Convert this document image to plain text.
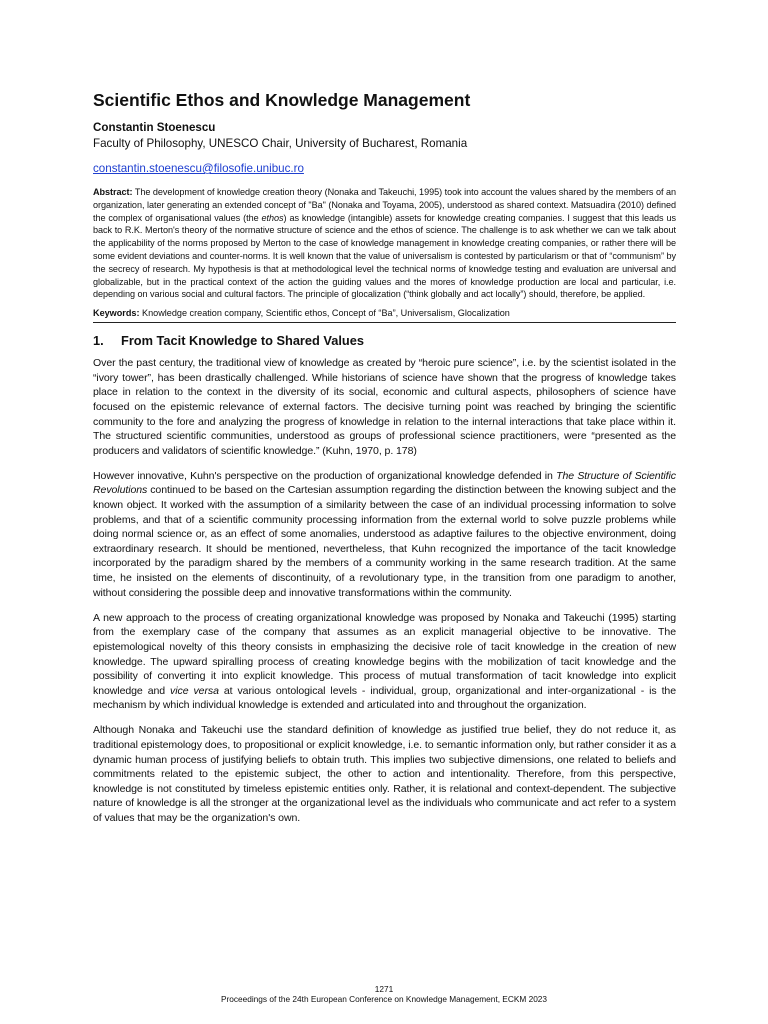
Scientific Ethos and Knowledge Management
Constantin Stoenescu
Faculty of Philosophy, UNESCO Chair, University of Bucharest, Romania
constantin.stoenescu@filosofie.unibuc.ro
Abstract: The development of knowledge creation theory (Nonaka and Takeuchi, 1995) took into account the values shared by the members of an organization, later generating an extended concept of "Ba" (Nonaka and Toyama, 2005), understood as shared context. Matsuadira (2010) defined the complex of organisational values (the ethos) as knowledge (intangible) assets for knowledge creating companies. I suggest that this leads us back to R.K. Merton's theory of the normative structure of science and the ethos of science. The challenge is to ask whether we can we talk about the applicability of the norms proposed by Merton to the case of knowledge management in knowledge creating companies, or rather there will be some evident deviations and counter-norms. It is well known that the value of universalism is contested by particularism or that of “communism” by the secrecy of research. My hypothesis is that at methodological level the technical norms of knowledge testing and evaluation are universal and globalizable, but in the practical context of the action the guiding values and the mores of knowledge production are local and particular, i.e. depending on various social and cultural factors. The principle of glocalization (“think globally and act locally”) should, therefore, be applied.
Keywords: Knowledge creation company, Scientific ethos, Concept of “Ba”, Universalism, Glocalization
1.	From Tacit Knowledge to Shared Values

Over the past century, the traditional view of knowledge as created by “heroic pure science”, i.e. by the scientist isolated in the “ivory tower”, has been drastically challenged. While historians of science have shown that the progress of knowledge takes place in relation to the context in the diversity of its social, economic and cultural aspects, philosophers of science have focused on the epistemic relevance of external factors. The decisive turning point was reached by bringing the scientific community to the fore and analyzing the progress of knowledge in relation to the internal interactions that take place within it. The structured scientific communities, understood as groups of professional science practitioners, were “presented as the producers and validators of scientific knowledge.” (Kuhn, 1970, p. 178)

However innovative, Kuhn's perspective on the production of organizational knowledge defended in The Structure of Scientific Revolutions continued to be based on the Cartesian assumption regarding the distinction between the knowing subject and the known object. It worked with the assumption of a similarity between the case of an individual processing information to solve problems, and that of a scientific community processing information from the external world to solve puzzle problems while doing normal science or, as an effect of some anomalies, understood as adaptive failures to the objective environment, doing extraordinary research. It should be mentioned, nevertheless, that Kuhn recognized the importance of the tacit knowledge incorporated by the paradigm shared by the members of a community working in the same research tradition. At the same time, he insisted on the elements of discontinuity, of a revolutionary type, in the transition from one paradigm to another, without considering the possible deep and innovative transformations within the community.

A new approach to the process of creating organizational knowledge was proposed by Nonaka and Takeuchi (1995) starting from the exemplary case of the company that assumes as an explicit managerial objective to be innovative. The epistemological novelty of this theory consists in emphasizing the decisive role of tacit knowledge in the creation of new knowledge. The upward spiralling process of creating knowledge begins with the mobilization of tacit knowledge and the possibility of converting it into explicit knowledge. This process of mutual transformation of tacit knowledge into explicit knowledge and vice versa at various ontological levels - individual, group, organizational and inter-organizational - is the mechanism by which individual knowledge is extended and articulated into and throughout the organization.

Although Nonaka and Takeuchi use the standard definition of knowledge as justified true belief, they do not reduce it, as traditional epistemology does, to propositional or explicit knowledge, i.e. to semantic information only, but rather consider it as a dynamic human process of justifying beliefs to obtain truth. This implies two subjective dimensions, one related to beliefs and commitments related to the epistemic subject, the other to action and intentionality. Therefore, from this perspective, knowledge is not constituted by timeless epistemic entities only. Rather, it is relational and context-dependent. The subjective nature of knowledge is all the stronger at the organizational level as the individuals who communicate and act refer to a system of values that may be the organization's own.

1271
Proceedings of the 24th European Conference on Knowledge Management, ECKM 2023
